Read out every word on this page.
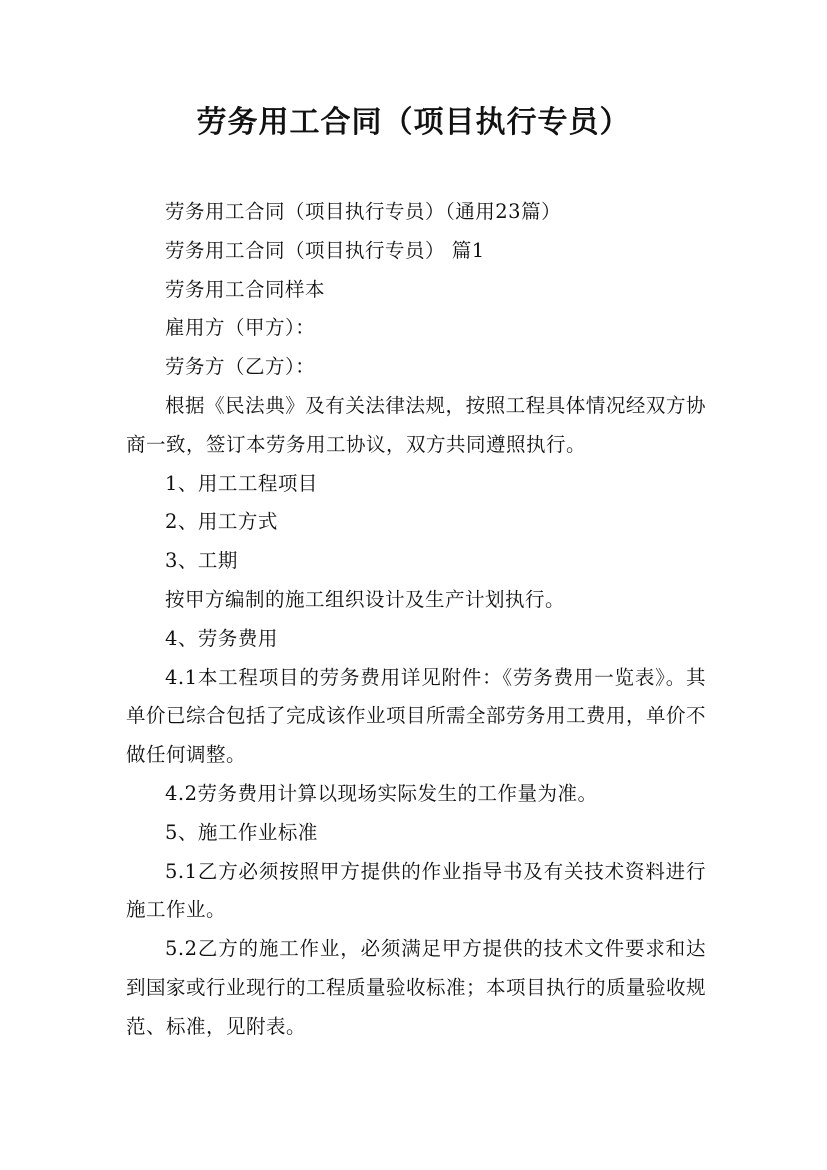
劳务用工合同（项目执行专员）

劳务用工合同（项目执行专员）（通用23篇）

劳务用工合同（项目执行专员） 篇1

劳务用工合同样本

雇用方（甲方）：

劳务方（乙方）：

根据《民法典》及有关法律法规，按照工程具体情况经双方协商一致，签订本劳务用工协议，双方共同遵照执行。

1、用工工程项目

2、用工方式

3、工期

按甲方编制的施工组织设计及生产计划执行。

4、劳务费用

4.1本工程项目的劳务费用详见附件：《劳务费用一览表》。其单价已综合包括了完成该作业项目所需全部劳务用工费用，单价不做任何调整。

4.2劳务费用计算以现场实际发生的工作量为准。

5、施工作业标准

5.1乙方必须按照甲方提供的作业指导书及有关技术资料进行施工作业。

5.2乙方的施工作业，必须满足甲方提供的技术文件要求和达到国家或行业现行的工程质量验收标准；本项目执行的质量验收规范、标准，见附表。
